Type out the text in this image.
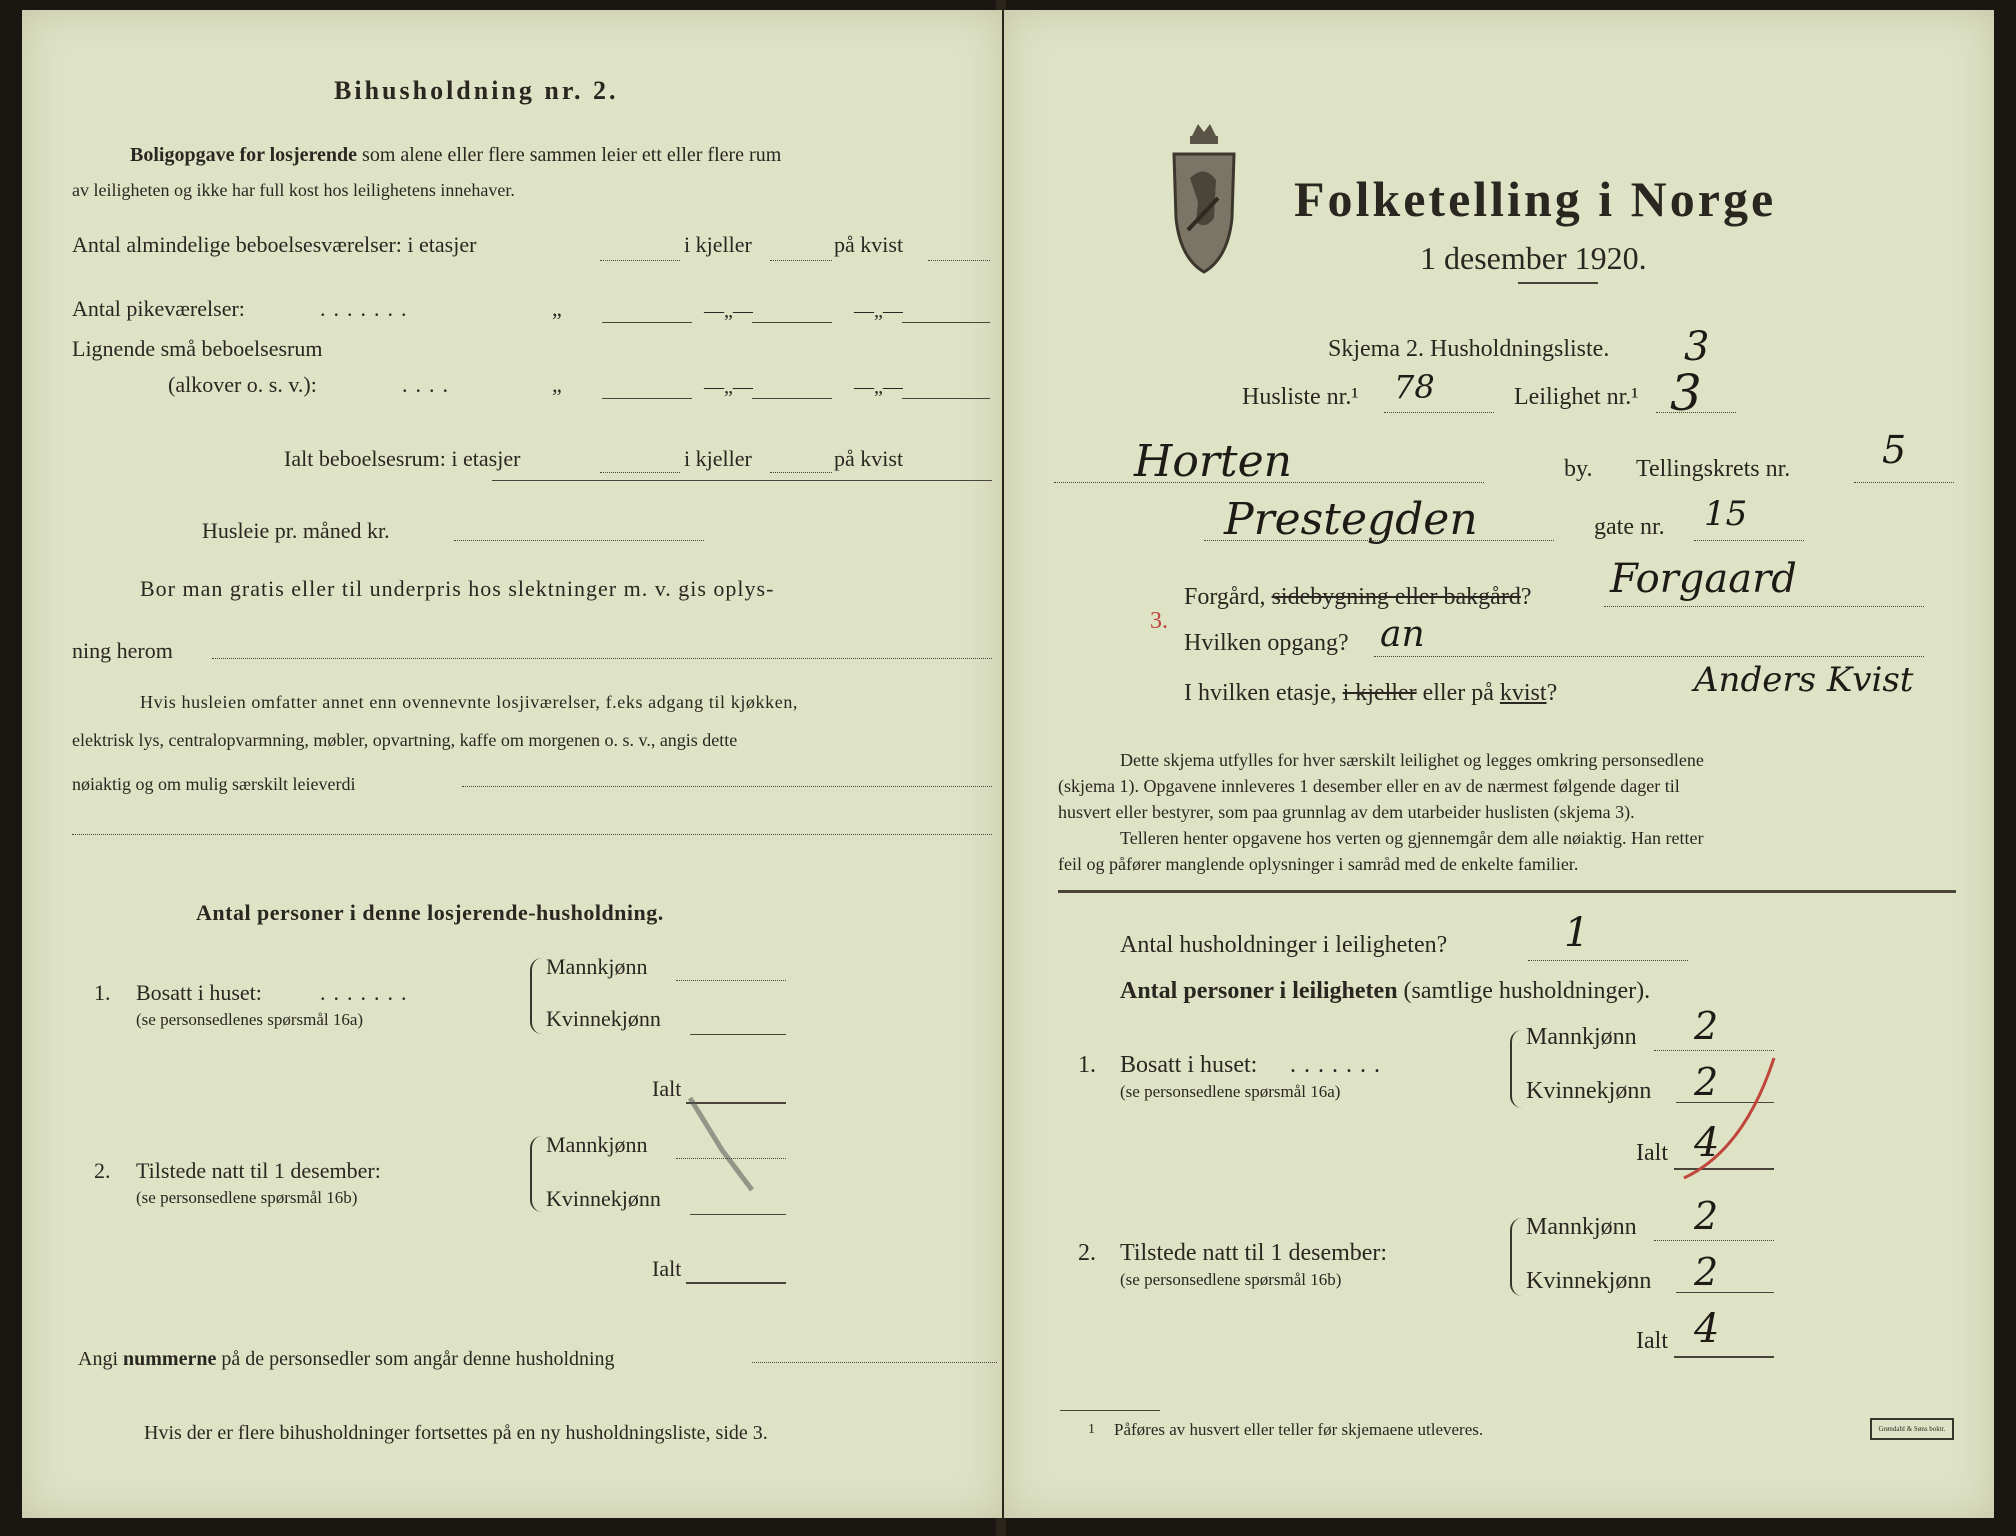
Bihusholdning nr. 2.
Boligopgave for losjerende som alene eller flere sammen leier ett eller flere rum
av leiligheten og ikke har full kost hos leilighetens innehaver.
Antal almindelige beboelsesværelser: i etasjer	i kjeller	på kvist
Antal pikeværelser:	.......	„	—„—	—„—
Lignende små beboelsesrum
(alkover o. s. v.):	....	„	—„—	—„—
Ialt beboelsesrum: i etasjer	i kjeller	på kvist
Husleie pr. måned kr.
Bor man gratis eller til underpris hos slektninger m. v. gis oplys-
ning herom
Hvis husleien omfatter annet enn ovennevnte losjiværelser, f.eks adgang til kjøkken,
elektrisk lys, centralopvarmning, møbler, opvartning, kaffe om morgenen o. s. v., angis dette
nøiaktig og om mulig særskilt leieverdi
Antal personer i denne losjerende-husholdning.
1. Bosatt i huset:	.......
(se personsedlenes spørsmål 16a)
Mannkjønn
Kvinnekjønn
Ialt
2. Tilstede natt til 1 desember:
(se personsedlene spørsmål 16b)
Mannkjønn
Kvinnekjønn
Ialt
Angi nummerne på de personsedler som angår denne husholdning
Hvis der er flere bihusholdninger fortsettes på en ny husholdningsliste, side 3.
Folketelling i Norge
1 desember 1920.
Skjema 2. Husholdningsliste. 3
Husliste nr.¹ 78	Leilighet nr.¹ 3
Horten	by. Tellingskrets nr. 5
Prestegden	gate nr. 15
Forgård, sidebygning eller bakgård? Forgaard
3.
Hvilken opgang? an
I hvilken etasje, i kjeller eller på kvist?	Anders Kvist
Dette skjema utfylles for hver særskilt leilighet og legges omkring personsedlene
(skjema 1). Opgavene innleveres 1 desember eller en av de nærmest følgende dager til
husvert eller bestyrer, som paa grunnlag av dem utarbeider huslisten (skjema 3).
Telleren henter opgavene hos verten og gjennemgår dem alle nøiaktig. Han retter
feil og påfører manglende oplysninger i samråd med de enkelte familier.
Antal husholdninger i leiligheten?	1
Antal personer i leiligheten (samtlige husholdninger).
1. Bosatt i huset: .......
(se personsedlene spørsmål 16a)
Mannkjønn 2
Kvinnekjønn 2
Ialt 4
2. Tilstede natt til 1 desember:
(se personsedlene spørsmål 16b)
Mannkjønn 2
Kvinnekjønn 2
Ialt 4
1 Påføres av husvert eller teller før skjemaene utleveres.	Grøndahl & Søns boktr.
